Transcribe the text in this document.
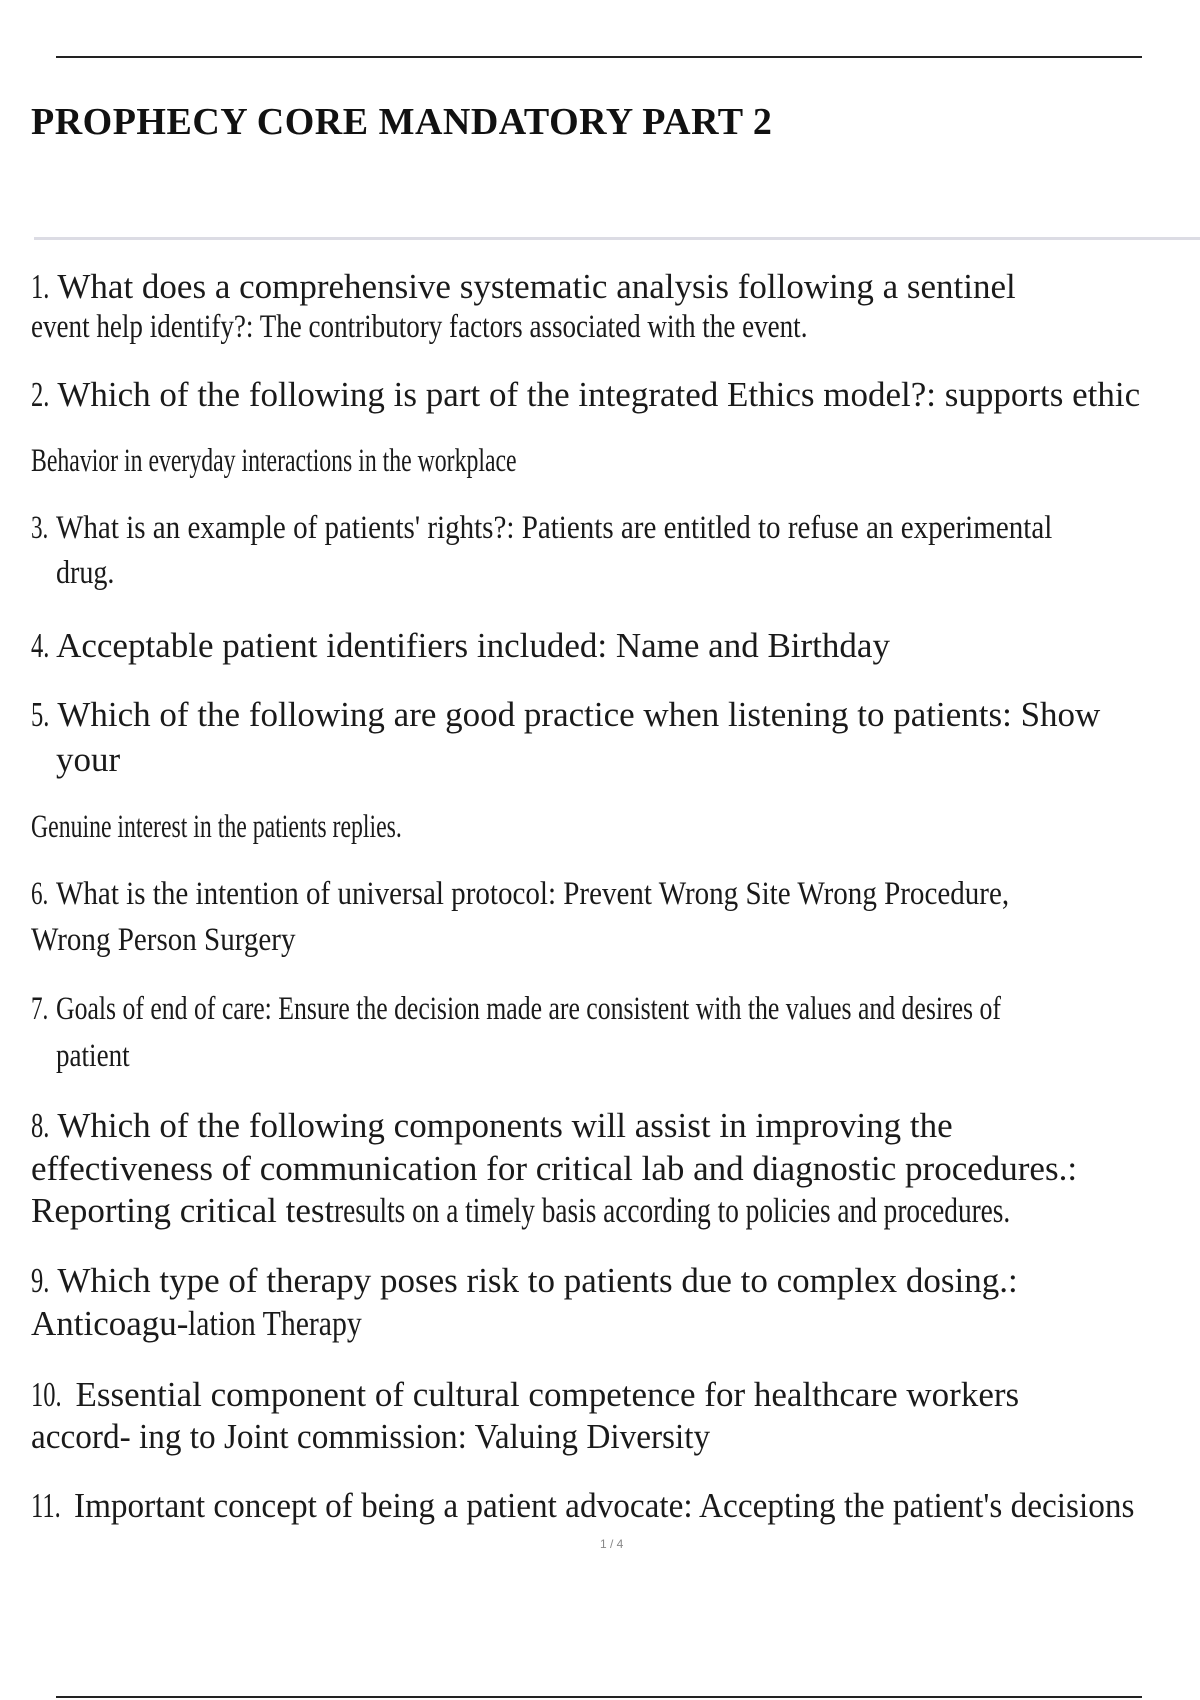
PROPHECY CORE MANDATORY PART 2

1. What does a comprehensive systematic analysis following a sentinel

event help identify?: The contributory factors associated with the event.

2. Which of the following is part of the integrated Ethics model?: supports ethic

Behavior in everyday interactions in the workplace

3. What is an example of patients' rights?: Patients are entitled to refuse an experimental

drug.

4. Acceptable patient identifiers included: Name and Birthday

5. Which of the following are good practice when listening to patients: Show

your

Genuine interest in the patients replies.

6. What is the intention of universal protocol: Prevent Wrong Site Wrong Procedure,

Wrong Person Surgery

7. Goals of end of care: Ensure the decision made are consistent with the values and desires of

patient

8. Which of the following components will assist in improving the

effectiveness of communication for critical lab and diagnostic procedures.:

Reporting critical testresults on a timely basis according to policies and procedures.

9. Which type of therapy poses risk to patients due to complex dosing.:

Anticoagu-lation Therapy

10. Essential component of cultural competence for healthcare workers

accord- ing to Joint commission: Valuing Diversity

11. Important concept of being a patient advocate: Accepting the patient's decisions

1 / 4
